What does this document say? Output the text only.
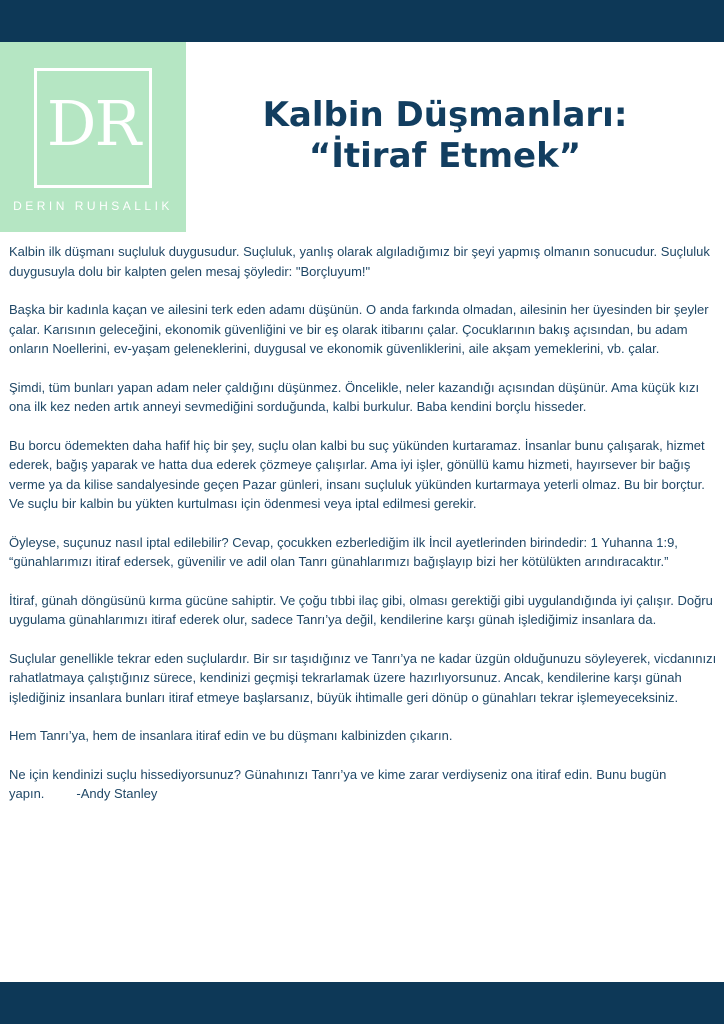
DR
DERIN RUHSALLIK
Kalbin Düşmanları:
“İtiraf Etmek”

Kalbin ilk düşmanı suçluluk duygusudur. Suçluluk, yanlış olarak algıladığımız bir şeyi yapmış olmanın sonucudur. Suçluluk duygusuyla dolu bir kalpten gelen mesaj şöyledir: "Borçluyum!"

Başka bir kadınla kaçan ve ailesini terk eden adamı düşünün. O anda farkında olmadan, ailesinin her üyesinden bir şeyler çalar. Karısının geleceğini, ekonomik güvenliğini ve bir eş olarak itibarını çalar. Çocuklarının bakış açısından, bu adam onların Noellerini, ev-yaşam geleneklerini, duygusal ve ekonomik güvenliklerini, aile akşam yemeklerini, vb. çalar.

Şimdi, tüm bunları yapan adam neler çaldığını düşünmez. Öncelikle, neler kazandığı açısından düşünür. Ama küçük kızı ona ilk kez neden artık anneyi sevmediğini sorduğunda, kalbi burkulur. Baba kendini borçlu hisseder.

Bu borcu ödemekten daha hafif hiç bir şey, suçlu olan kalbi bu suç yükünden kurtaramaz. İnsanlar bunu çalışarak, hizmet ederek, bağış yaparak ve hatta dua ederek çözmeye çalışırlar. Ama iyi işler, gönüllü kamu hizmeti, hayırsever bir bağış verme ya da kilise sandalyesinde geçen Pazar günleri, insanı suçluluk yükünden kurtarmaya yeterli olmaz. Bu bir borçtur. Ve suçlu bir kalbin bu yükten kurtulması için ödenmesi veya iptal edilmesi gerekir.

Öyleyse, suçunuz nasıl iptal edilebilir? Cevap, çocukken ezberlediğim ilk İncil ayetlerinden birindedir: 1 Yuhanna 1:9, “günahlarımızı itiraf edersek, güvenilir ve adil olan Tanrı günahlarımızı bağışlayıp bizi her kötülükten arındıracaktır.”

İtiraf, günah döngüsünü kırma gücüne sahiptir. Ve çoğu tıbbi ilaç gibi, olması gerektiği gibi uygulandığında iyi çalışır. Doğru uygulama günahlarımızı itiraf ederek olur, sadece Tanrı’ya değil, kendilerine karşı günah işlediğimiz insanlara da.

Suçlular genellikle tekrar eden suçlulardır. Bir sır taşıdığınız ve Tanrı’ya ne kadar üzgün olduğunuzu söyleyerek, vicdanınızı rahatlatmaya çalıştığınız sürece, kendinizi geçmişi tekrarlamak üzere hazırlıyorsunuz. Ancak, kendilerine karşı günah işlediğiniz insanlara bunları itiraf etmeye başlarsanız, büyük ihtimalle geri dönüp o günahları tekrar işlemeyeceksiniz.

Hem Tanrı’ya, hem de insanlara itiraf edin ve bu düşmanı kalbinizden çıkarın.

Ne için kendinizi suçlu hissediyorsunuz? Günahınızı Tanrı’ya ve kime zarar verdiyseniz ona itiraf edin. Bunu bugün yapın. -Andy Stanley
